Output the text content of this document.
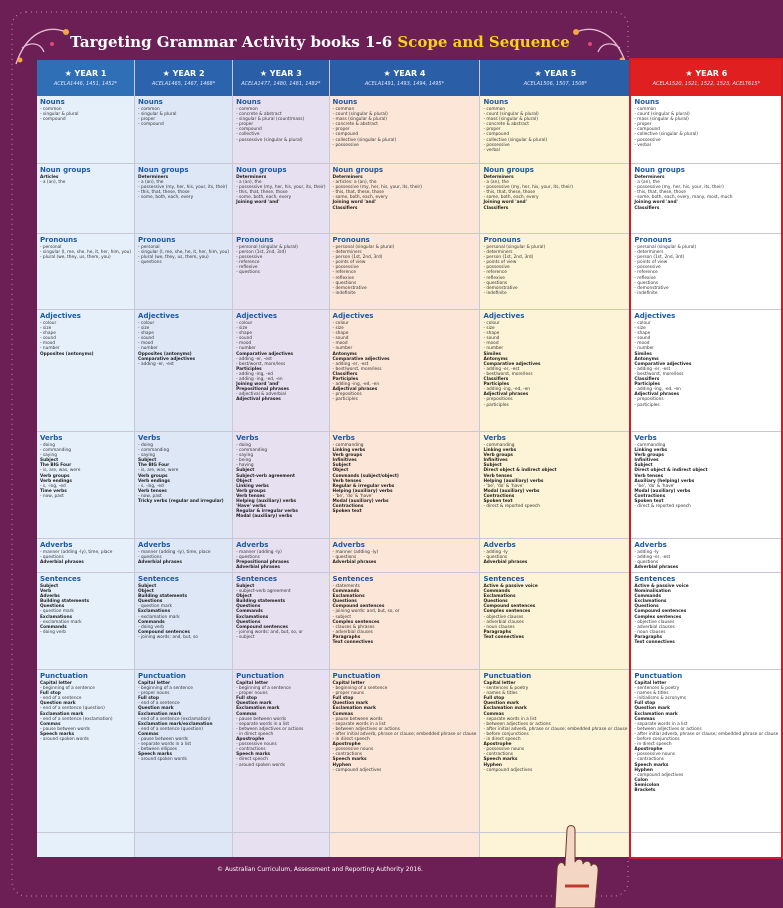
Targeting Grammar Activity books 1-6 Scope and Sequence
★ YEAR 1
ACELA1446, 1451, 1452*
Nouns
- common
- singular & plural
- compound
Noun groups
Articles
- a (an), the
Pronouns
- personal
- singular (I, me, she, he, it, her, him, you)
- plural (we, they, us, them, you)
Adjectives
- colour
- size
- shape
- sound
- mood
- number
Opposites (antonyms)
Verbs
- doing
- commanding
- saying
Subject
The BIG Four
- is, are, was, were
Verb groups
Verb endings
- s, -ing, -ed
Time verbs
- now, past
Adverbs
- manner (adding -ly), time, place
- questions
Adverbial phrases
Sentences
Subject
Verb
Adverbs
Building statements
Questions
- question mark
Exclamations
- exclamation mark
Commands
- doing verb
Punctuation
Capital letter
- beginning of a sentence
Full stop
- end of a sentence
Question mark
- end of a sentence (question)
Exclamation mark
- end of a sentence (exclamation)
Commas
- pause between words
Speech marks
- around spoken words
★ YEAR 2
ACELA1465, 1467, 1468*
Nouns
- common
- singular & plural
- proper
- compound
Noun groups
Determiners
- a (an), the
- possessive (my, her, his, your, its, their)
- this, that, these, those
- some, both, each, every
Pronouns
- personal
- singular (I, me, she, he, it, her, him, you)
- plural (we, they, us, them, you)
- questions
Adjectives
- colour
- size
- shape
- sound
- mood
- number
Opposites (antonyms)
Comparative adjectives
- adding -er, -est
Verbs
- doing
- commanding
- saying
Subject
The BIG Four
- is, are, was, were
Verb groups
Verb endings
- s, -ing, -ed
Verb tenses
- now, past
Tricky verbs (regular and irregular)
Adverbs
- manner (adding -ly), time, place
- questions
Adverbial phrases
Sentences
Subject
Object
Building statements
Questions
- question mark
Exclamations
- exclamation mark
Commands
- doing verb
Compound sentences
- joining words: and, but, so
Punctuation
Capital letter
- beginning of a sentence
- proper nouns
Full stop
- end of a sentence
Question mark
Exclamation mark
- end of a sentence (exclamation)
Exclamation mark/exclamation
- end of a sentence (question)
Commas
- pause between words
- separate words in a list
- between ellipses
Speech marks
- around spoken words
★ YEAR 3
ACELA1477, 1480, 1481, 1482*
Nouns
- common
- concrete & abstract
- singular & plural (count/mass)
- proper
- compound
- collective
- possessive (singular & plural)
Noun groups
Determiners
- a (an), the
- possessive (my, her, his, your, its, their)
- this, that, these, those
- some, both, each, every
Joining word 'and'
Pronouns
- personal (singular & plural)
- person (1st, 2nd, 3rd)
- possessive
- reference
- reflexive
- questions
Adjectives
- colour
- size
- shape
- sound
- mood
- number
Comparative adjectives
- adding -er, -est
- best/worst, more/less
Participles
- adding -ing, -ed
- adding -ing, -ed, -en
Joining word 'and'
Prepositional phrases
- adjectival & adverbial
Adjectival phrases
Verbs
- doing
- commanding
- saying
- being
- having
Subject
Subject-verb agreement
Object
Linking verbs
Verb groups
Verb tenses
Helping (auxiliary) verbs
'Have' verbs
Regular & irregular verbs
Modal (auxiliary) verbs
Adverbs
- manner (adding -ly)
- questions
Prepositional phrases
Adverbial phrases
Sentences
Subject
- subject-verb agreement
Object
Building statements
Questions
Commands
Exclamations
Questions
Compound sentences
- joining words: and, but, so, or
- subject
Punctuation
Capital letter
- beginning of a sentence
- proper nouns
Full stop
Question mark
Exclamation mark
Commas
- pause between words
- separate words in a list
- between adjectives or actions
- in direct speech
Apostrophe
- possessive nouns
- contractions
Speech marks
- direct speech
- around spoken words
★ YEAR 4
ACELA1491, 1493, 1494, 1495*
Nouns
- common
- count (singular & plural)
- mass (singular & plural)
- concrete & abstract
- proper
- compound
- collective (singular & plural)
- possessive
Noun groups
Determiners
- articles: a (an), the
- possessive (my, her, his, your, its, their)
- this, that, these, those
- some, both, each, every
Joining word 'and'
Classifiers
Pronouns
- personal (singular & plural)
- determiners
- person (1st, 2nd, 3rd)
- points of view
- possessive
- reference
- reflexive
- questions
- demonstrative
- indefinite
Adjectives
- colour
- size
- shape
- sound
- mood
- number
Antonyms
Comparative adjectives
- adding -er, -est
- best/worst, more/less
Classifiers
Participles
- adding -ing, -ed, -en
Adjectival phrases
- prepositions
- participles
Verbs
- commanding
Linking verbs
Verb groups
Infinitives
Subject
Object
Commands (subject/object)
Verb tenses
Regular & irregular verbs
Helping (auxiliary) verbs
- 'be', 'do' & 'have'
Modal (auxiliary) verbs
Contractions
Spoken text
Adverbs
- manner (adding -ly)
- questions
Adverbial phrases
Sentences
- statements
Commands
Exclamations
Questions
Compound sentences
- joining words: and, but, so, or
- subject
Complex sentences
- clauses & phrases
- adverbial clauses
Paragraphs
Text connectives
Punctuation
Capital letter
- beginning of a sentence
- proper nouns
Full stop
Question mark
Exclamation mark
Commas
- pause between words
- separate words in a list
- between adjectives or actions
- after initial adverb, phrase or clause; embedded phrase or clause
- in direct speech
Apostrophe
- possessive nouns
- contractions
Speech marks
Hyphen
- compound adjectives
★ YEAR 5
ACELA1506, 1507, 1508*
Nouns
- common
- count (singular & plural)
- mass (singular & plural)
- concrete & abstract
- proper
- compound
- collective (singular & plural)
- possessive
- verbal
Noun groups
Determiners
- a (an), the
- possessive (my, her, his, your, its, their)
- this, that, these, those
- some, both, each, every
Joining word 'and'
Classifiers
Pronouns
- personal (singular & plural)
- determiners
- person (1st, 2nd, 3rd)
- points of view
- possessive
- reference
- reflexive
- questions
- demonstrative
- indefinite
Adjectives
- colour
- size
- shape
- sound
- mood
- number
Similes
Antonyms
Comparative adjectives
- adding -er, -est
- best/worst, more/less
Classifiers
Participles
- adding -ing, -ed, -en
Adjectival phrases
- prepositions
- participles
Verbs
- commanding
Linking verbs
Verb groups
Infinitives
Subject
Direct object & indirect object
Verb tenses
Helping (auxiliary) verbs
- 'be', 'do' & 'have'
Modal (auxiliary) verbs
Contractions
Spoken text
- direct & reported speech
Adverbs
- adding -ly
- questions
Adverbial phrases
Sentences
Active & passive voice
Commands
Exclamations
Questions
Compound sentences
Complex sentences
- objective clauses
- adverbial clauses
- noun clauses
Paragraphs
Text connectives
Punctuation
Capital letter
- sentences & poetry
- names & titles
Full stop
Question mark
Exclamation mark
Commas
- separate words in a list
- between adjectives or actions
- after initial adverb, phrase or clause; embedded phrase or clause
- before conjunctions
- in direct speech
Apostrophe
- possessive nouns
- contractions
Speech marks
Hyphen
- compound adjectives
★ YEAR 6
ACELA1520, 1521, 1522, 1523, ACELT615*
Nouns
- common
- count (singular & plural)
- mass (singular & plural)
- proper
- compound
- collective (singular & plural)
- possessive
- verbal
Noun groups
Determiners
- a (an), the
- possessive (my, her, his, your, its, their)
- this, that, these, those
- some, both, each, every, many, most, much
Joining word 'and'
Classifiers
Pronouns
- personal (singular & plural)
- determiners
- person (1st, 2nd, 3rd)
- points of view
- possessive
- reference
- reflexive
- questions
- demonstrative
- indefinite
Adjectives
- colour
- size
- shape
- sound
- mood
- number
Similes
Antonyms
Comparative adjectives
- adding -er, -est
- best/worst, more/less
Classifiers
Participles
- adding -ing, -ed, -en
Adjectival phrases
- prepositions
- participles
Verbs
- commanding
Linking verbs
Verb groups
Infinitives
Subject
Direct object & indirect object
Verb tenses
Auxiliary (helping) verbs
- 'be', 'do' & 'have'
Modal (auxiliary) verbs
Contractions
Spoken text
- direct & reported speech
Adverbs
- adding -ly
- adding -er, -est
- questions
Adverbial phrases
Sentences
Active & passive voice
Nominalisation
Commands
Exclamations
Questions
Compound sentences
Complex sentences
- objective clauses
- adverbial clauses
- noun clauses
Paragraphs
Text connectives
Punctuation
Capital letter
- sentences & poetry
- names & titles
- initialisms & acronyms
Full stop
Question mark
Exclamation mark
Commas
- separate words in a list
- between adjectives or actions
- after initial adverb, phrase or clause; embedded phrase or clause
- before conjunctions
- in direct speech
Apostrophe
- possessive nouns
- contractions
Speech marks
Hyphen
- compound adjectives
Colon
Semicolon
Brackets
© Australian Curriculum, Assessment and Reporting Authority 2016.
